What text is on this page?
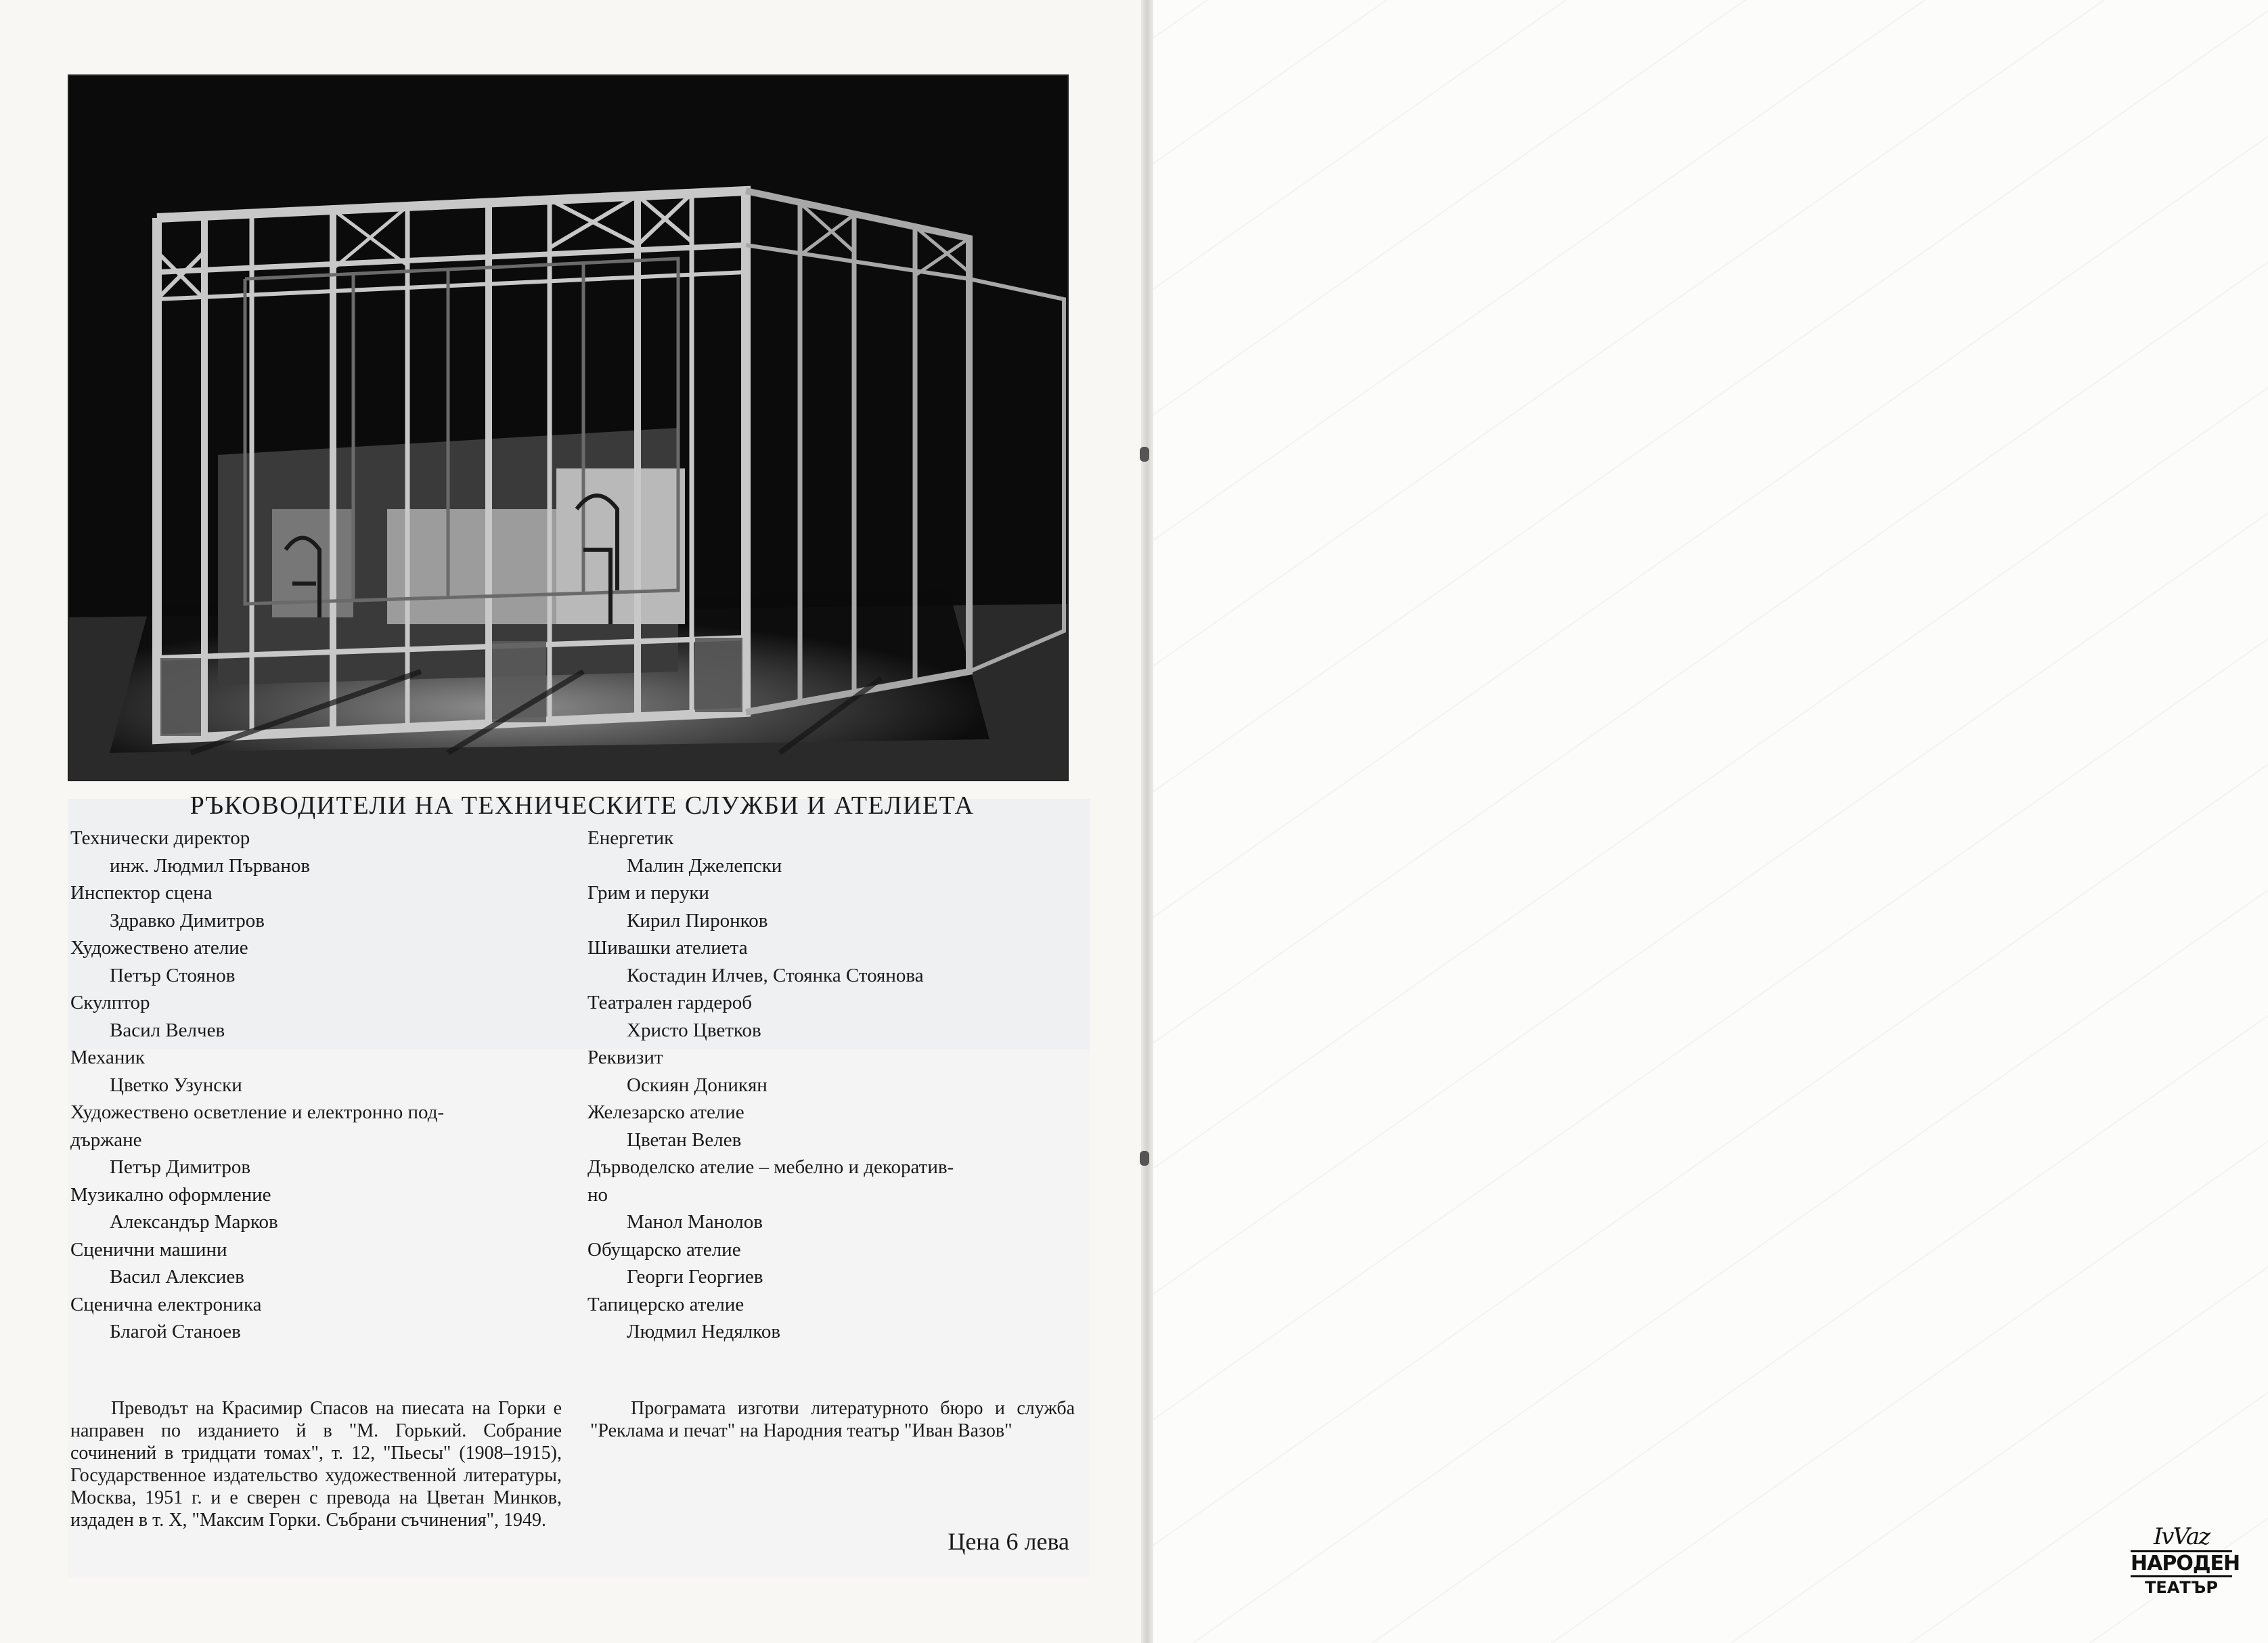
РЪКОВОДИТЕЛИ НА ТЕХНИЧЕСКИТЕ СЛУЖБИ И АТЕЛИЕТА
Технически директор
инж. Людмил Първанов
Инспектор сцена
Здравко Димитров
Художествено ателие
Петър Стоянов
Скулптор
Васил Велчев
Механик
Цветко Узунски
Художествено осветление и електронно под-
държане
Петър Димитров
Музикално оформление
Александър Марков
Сценични машини
Васил Алексиев
Сценична електроника
Благой Станоев
Енергетик
Малин Джелепски
Грим и перуки
Кирил Пиронков
Шивашки ателиета
Костадин Илчев, Стоянка Стоянова
Театрален гардероб
Христо Цветков
Реквизит
Оскиян Доникян
Железарско ателие
Цветан Велев
Дърводелско ателие – мебелно и декоратив-
но
Манол Манолов
Обущарско ателие
Георги Георгиев
Тапицерско ателие
Людмил Недялков
Преводът на Красимир Спасов на пиесата на Горки е направен по изданието й в "М. Горький. Собрание сочинений в тридцати томах", т. 12, "Пьесы" (1908–1915), Государственное издательство художественной литературы, Москва, 1951 г. и е сверен с превода на Цветан Минков, издаден в т. X, "Максим Горки. Събрани съчинения", 1949.
Програмата изготви литературното бюро и служба "Реклама и печат" на Народния театър "Иван Вазов"
Цена 6 лева	IvVaz
НАРОДЕН
ТЕАТЪР
